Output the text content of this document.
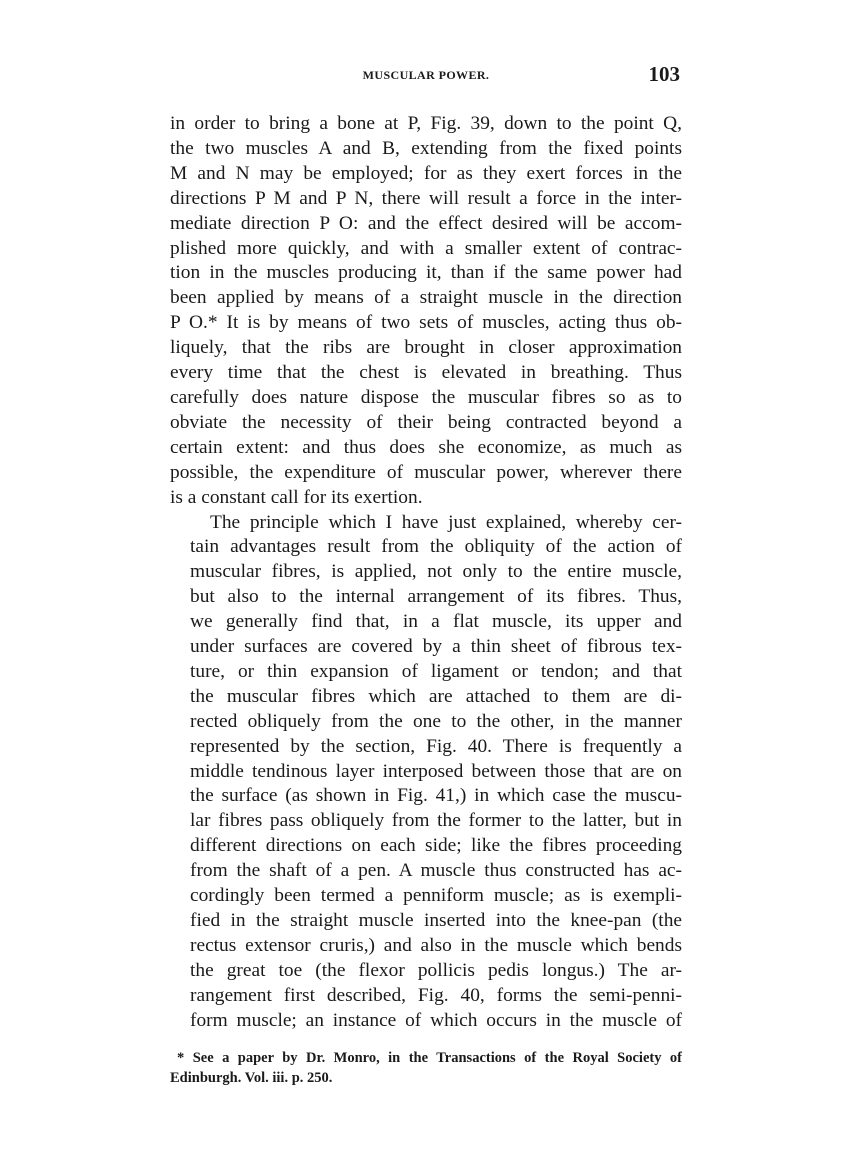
MUSCULAR POWER.	103

in order to bring a bone at P, Fig. 39, down to the point Q,
the two muscles A and B, extending from the fixed points
M and N may be employed; for as they exert forces in the
directions P M and P N, there will result a force in the inter-
mediate direction P O: and the effect desired will be accom-
plished more quickly, and with a smaller extent of contrac-
tion in the muscles producing it, than if the same power had
been applied by means of a straight muscle in the direction
P O.* It is by means of two sets of muscles, acting thus ob-
liquely, that the ribs are brought in closer approximation
every time that the chest is elevated in breathing. Thus
carefully does nature dispose the muscular fibres so as to
obviate the necessity of their being contracted beyond a
certain extent: and thus does she economize, as much as
possible, the expenditure of muscular power, wherever there
is a constant call for its exertion.

The principle which I have just explained, whereby cer-
tain advantages result from the obliquity of the action of
muscular fibres, is applied, not only to the entire muscle,
but also to the internal arrangement of its fibres. Thus,
we generally find that, in a flat muscle, its upper and
under surfaces are covered by a thin sheet of fibrous tex-
ture, or thin expansion of ligament or tendon; and that
the muscular fibres which are attached to them are di-
rected obliquely from the one to the other, in the manner
represented by the section, Fig. 40. There is frequently a
middle tendinous layer interposed between those that are on
the surface (as shown in Fig. 41,) in which case the muscu-
lar fibres pass obliquely from the former to the latter, but in
different directions on each side; like the fibres proceeding
from the shaft of a pen. A muscle thus constructed has ac-
cordingly been termed a penniform muscle; as is exempli-
fied in the straight muscle inserted into the knee-pan (the
rectus extensor cruris,) and also in the muscle which bends
the great toe (the flexor pollicis pedis longus.) The ar-
rangement first described, Fig. 40, forms the semi-penni-
form muscle; an instance of which occurs in the muscle of

* See a paper by Dr. Monro, in the Transactions of the Royal Society of
Edinburgh. Vol. iii. p. 250.
